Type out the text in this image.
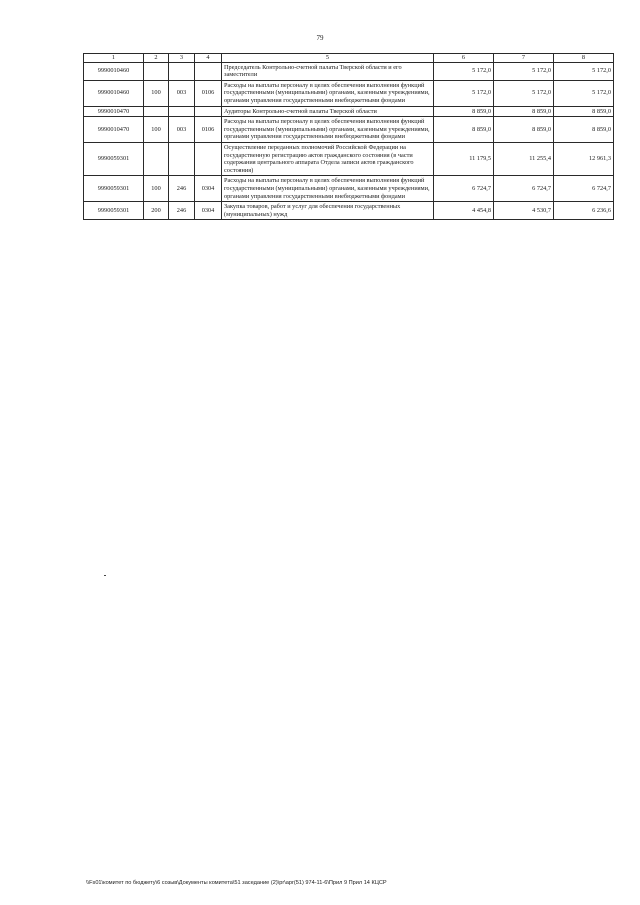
79
1	2	3	4	5	6	7	8
9990010460				Председатель Контрольно-счетной палаты Тверской области и его заместители	5 172,0	5 172,0	5 172,0
9990010460	100	003	0106	Расходы на выплаты персоналу в целях обеспечения выполнения функций государственными (муниципальными) органами, казенными учреждениями, органами управления государственными внебюджетными фондами	5 172,0	5 172,0	5 172,0
9990010470				Аудиторы Контрольно-счетной палаты Тверской области	8 859,0	8 859,0	8 859,0
9990010470	100	003	0106	Расходы на выплаты персоналу в целях обеспечения выполнения функций государственными (муниципальными) органами, казенными учреждениями, органами управления государственными внебюджетными фондами	8 859,0	8 859,0	8 859,0
9990059301				Осуществление переданных полномочий Российской Федерации на государственную регистрацию актов гражданского состояния (в части содержания центрального аппарата Отдела записи актов гражданского состояния)	11 179,5	11 255,4	12 961,3
9990059301	100	246	0304	Расходы на выплаты персоналу в целях обеспечения выполнения функций государственными (муниципальными) органами, казенными учреждениями, органами управления государственными внебюджетными фондами	6 724,7	6 724,7	6 724,7
9990059301	200	246	0304	Закупка товаров, работ и услуг для обеспечения государственных (муниципальных) нужд	4 454,8	4 530,7	6 236,6
\\Fs01\комитет по бюджету\6 созыв\Документы комитета\51 заседание (2)\pr\apr(51) 974-11-6\Прил 9 Прил 14 КЦСР
